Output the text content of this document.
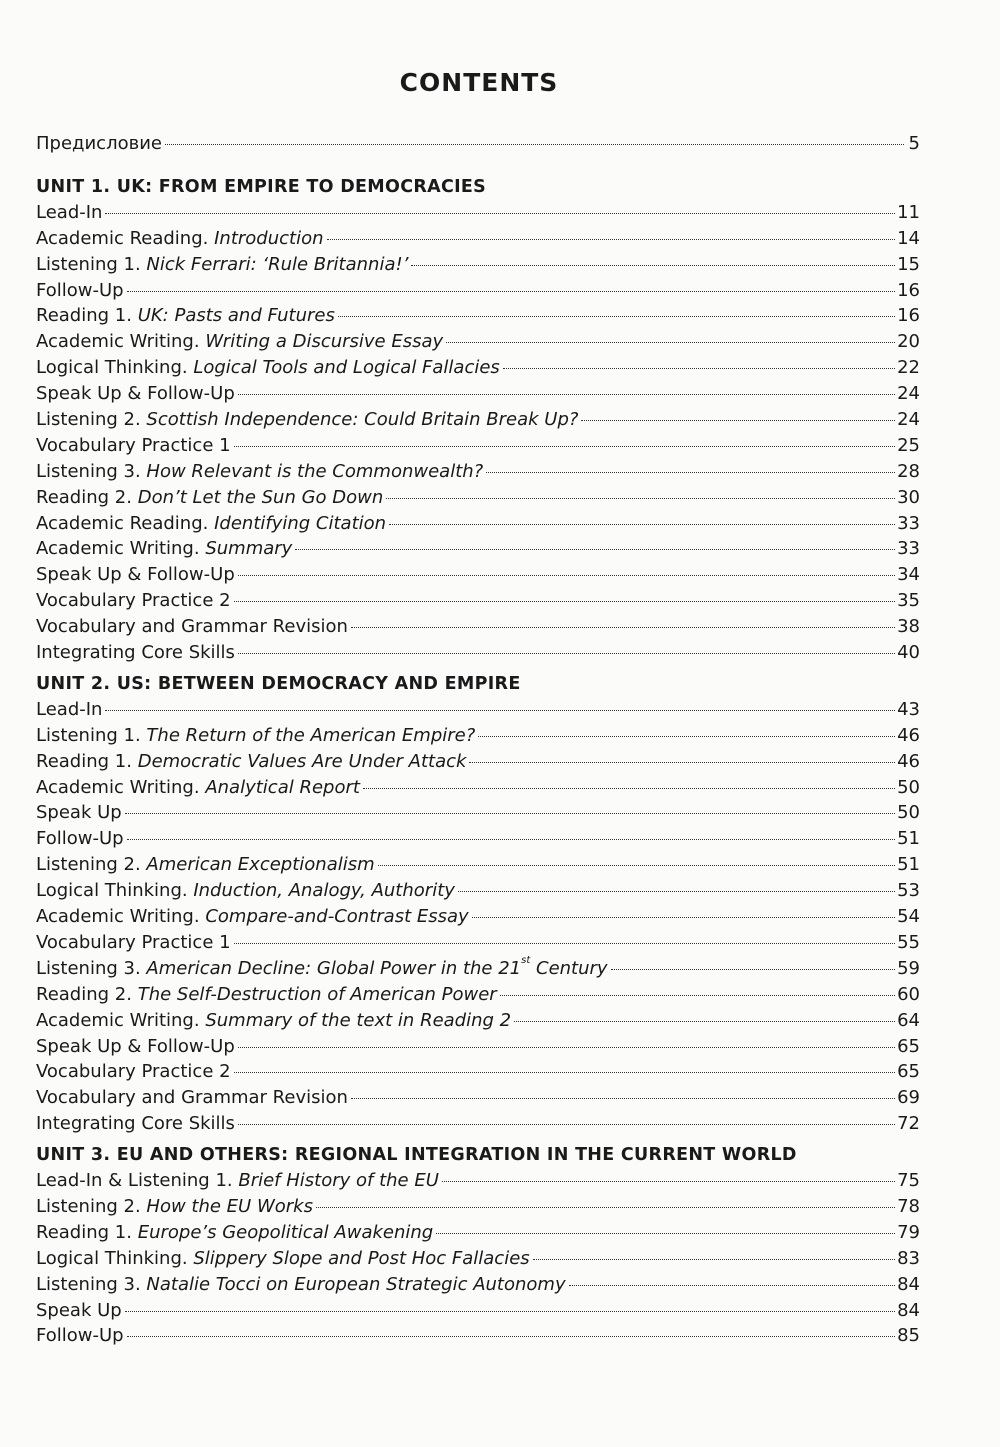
CONTENTS
Предисловие	5
UNIT 1. UK: FROM EMPIRE TO DEMOCRACIES
Lead-In	11
Academic Reading. Introduction	14
Listening 1. Nick Ferrari: ‘Rule Britannia!’	15
Follow-Up	16
Reading 1. UK: Pasts and Futures	16
Academic Writing. Writing a Discursive Essay	20
Logical Thinking. Logical Tools and Logical Fallacies	22
Speak Up & Follow-Up	24
Listening 2. Scottish Independence: Could Britain Break Up?	24
Vocabulary Practice 1	25
Listening 3. How Relevant is the Commonwealth?	28
Reading 2. Don’t Let the Sun Go Down	30
Academic Reading. Identifying Citation	33
Academic Writing. Summary	33
Speak Up & Follow-Up	34
Vocabulary Practice 2	35
Vocabulary and Grammar Revision	38
Integrating Core Skills	40
UNIT 2. US: BETWEEN DEMOCRACY AND EMPIRE
Lead-In	43
Listening 1. The Return of the American Empire?	46
Reading 1. Democratic Values Are Under Attack	46
Academic Writing. Analytical Report	50
Speak Up	50
Follow-Up	51
Listening 2. American Exceptionalism	51
Logical Thinking. Induction, Analogy, Authority	53
Academic Writing. Compare-and-Contrast Essay	54
Vocabulary Practice 1	55
Listening 3. American Decline: Global Power in the 21st Century	59
Reading 2. The Self-Destruction of American Power	60
Academic Writing. Summary of the text in Reading 2	64
Speak Up & Follow-Up	65
Vocabulary Practice 2	65
Vocabulary and Grammar Revision	69
Integrating Core Skills	72
UNIT 3. EU AND OTHERS: REGIONAL INTEGRATION IN THE CURRENT WORLD
Lead-In & Listening 1. Brief History of the EU	75
Listening 2. How the EU Works	78
Reading 1. Europe’s Geopolitical Awakening	79
Logical Thinking. Slippery Slope and Post Hoc Fallacies	83
Listening 3. Natalie Tocci on European Strategic Autonomy	84
Speak Up	84
Follow-Up	85
